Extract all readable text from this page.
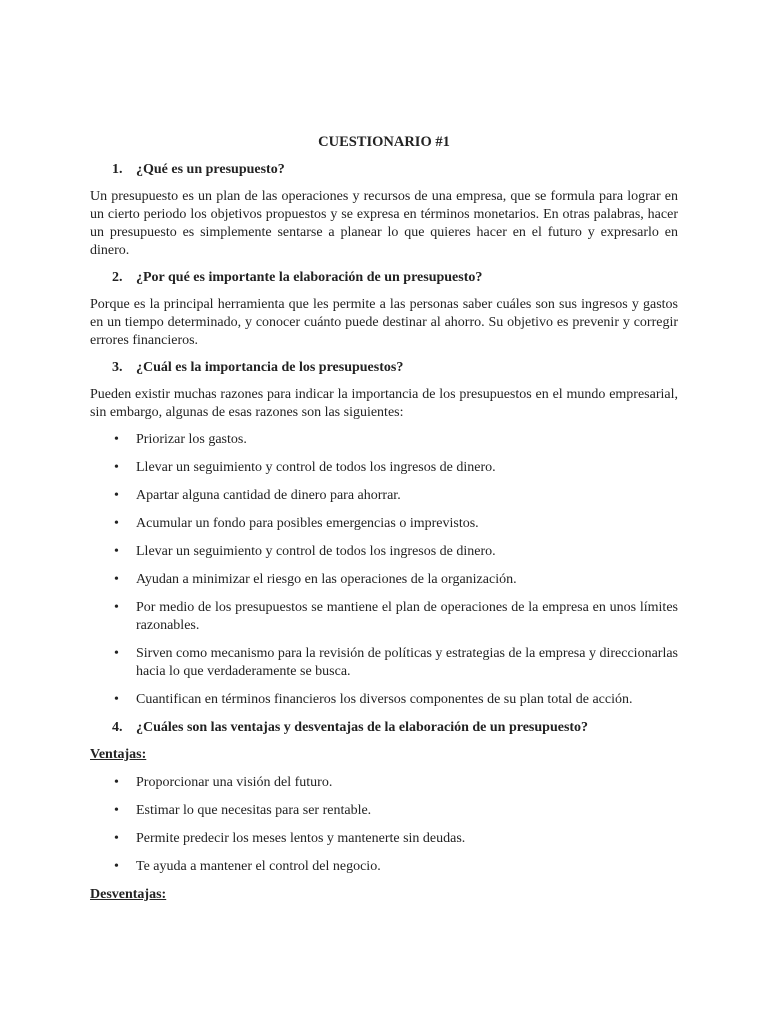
CUESTIONARIO #1
1. ¿Qué es un presupuesto?

Un presupuesto es un plan de las operaciones y recursos de una empresa, que se formula para lograr en un cierto periodo los objetivos propuestos y se expresa en términos monetarios. En otras palabras, hacer un presupuesto es simplemente sentarse a planear lo que quieres hacer en el futuro y expresarlo en dinero.

2. ¿Por qué es importante la elaboración de un presupuesto?

Porque es la principal herramienta que les permite a las personas saber cuáles son sus ingresos y gastos en un tiempo determinado, y conocer cuánto puede destinar al ahorro. Su objetivo es prevenir y corregir errores financieros.

3. ¿Cuál es la importancia de los presupuestos?

Pueden existir muchas razones para indicar la importancia de los presupuestos en el mundo empresarial, sin embargo, algunas de esas razones son las siguientes:

•	Priorizar los gastos.
•	Llevar un seguimiento y control de todos los ingresos de dinero.
•	Apartar alguna cantidad de dinero para ahorrar.
•	Acumular un fondo para posibles emergencias o imprevistos.
•	Llevar un seguimiento y control de todos los ingresos de dinero.
•	Ayudan a minimizar el riesgo en las operaciones de la organización.
•	Por medio de los presupuestos se mantiene el plan de operaciones de la empresa en unos límites razonables.
•	Sirven como mecanismo para la revisión de políticas y estrategias de la empresa y direccionarlas hacia lo que verdaderamente se busca.
•	Cuantifican en términos financieros los diversos componentes de su plan total de acción.
4. ¿Cuáles son las ventajas y desventajas de la elaboración de un presupuesto?
Ventajas:
•	Proporcionar una visión del futuro.
•	Estimar lo que necesitas para ser rentable.
•	Permite predecir los meses lentos y mantenerte sin deudas.
•	Te ayuda a mantener el control del negocio.
Desventajas:
